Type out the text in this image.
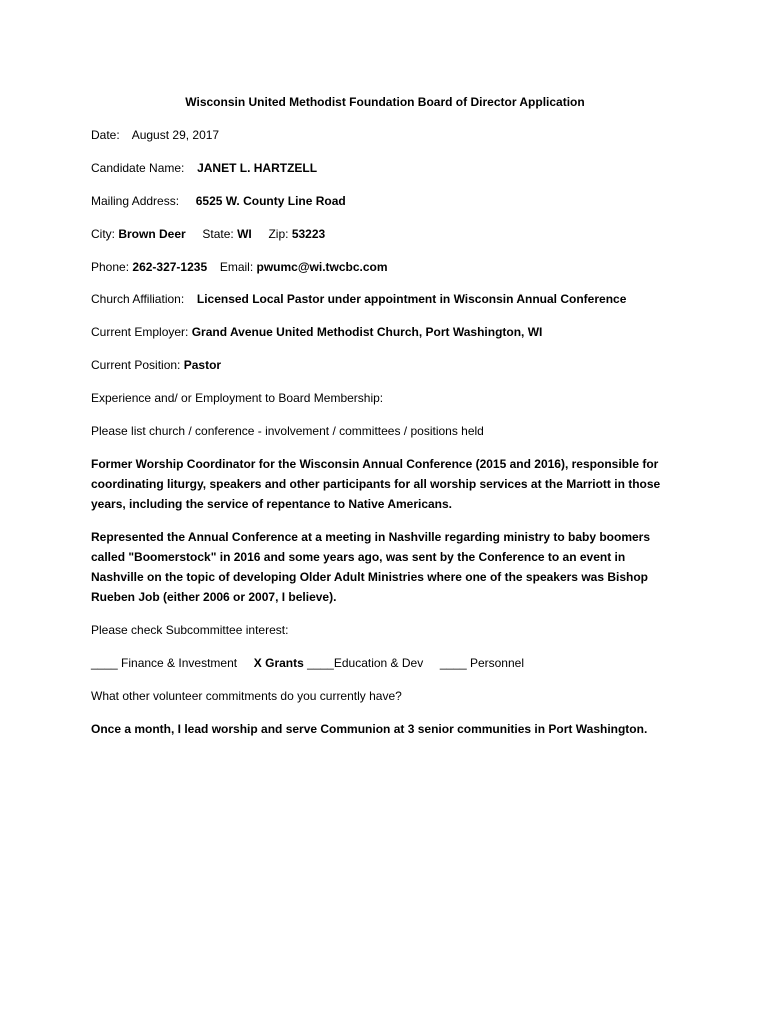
Wisconsin United Methodist Foundation Board of Director Application
Date: August 29, 2017
Candidate Name: JANET L. HARTZELL
Mailing Address: 6525 W. County Line Road
City: Brown Deer State: WI Zip: 53223
Phone: 262-327-1235 Email: pwumc@wi.twcbc.com
Church Affiliation: Licensed Local Pastor under appointment in Wisconsin Annual Conference
Current Employer: Grand Avenue United Methodist Church, Port Washington, WI
Current Position: Pastor
Experience and/ or Employment to Board Membership:
Please list church / conference - involvement / committees / positions held
Former Worship Coordinator for the Wisconsin Annual Conference (2015 and 2016), responsible for coordinating liturgy, speakers and other participants for all worship services at the Marriott in those years, including the service of repentance to Native Americans.
Represented the Annual Conference at a meeting in Nashville regarding ministry to baby boomers called "Boomerstock" in 2016 and some years ago, was sent by the Conference to an event in Nashville on the topic of developing Older Adult Ministries where one of the speakers was Bishop Rueben Job (either 2006 or 2007, I believe).
Please check Subcommittee interest:
____ Finance & Investment X Grants ____Education & Dev ____ Personnel
What other volunteer commitments do you currently have?
Once a month, I lead worship and serve Communion at 3 senior communities in Port Washington.
